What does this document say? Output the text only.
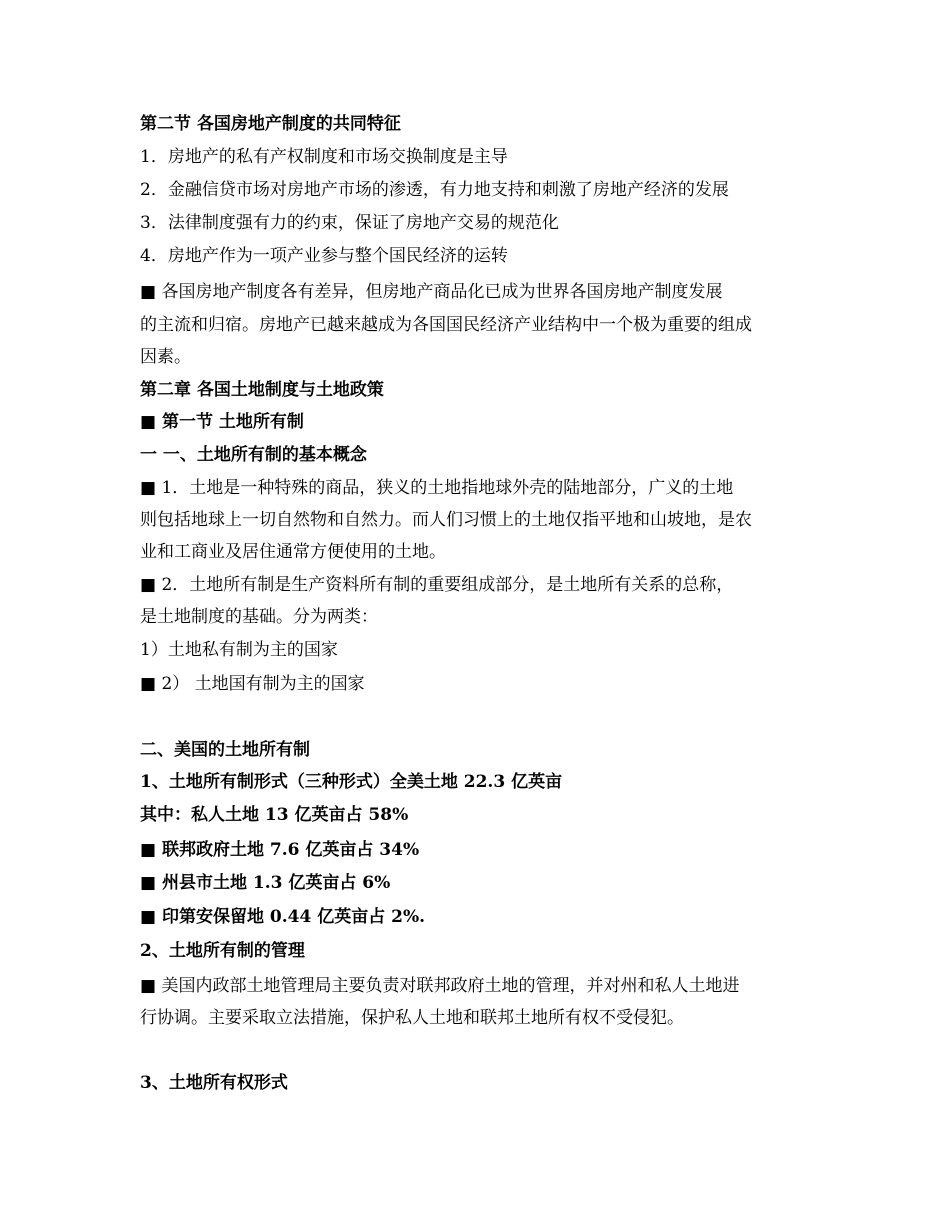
第二节 各国房地产制度的共同特征
1．房地产的私有产权制度和市场交换制度是主导
2．金融信贷市场对房地产市场的渗透，有力地支持和刺激了房地产经济的发展
3．法律制度强有力的约束，保证了房地产交易的规范化
4．房地产作为一项产业参与整个国民经济的运转
■ 各国房地产制度各有差异，但房地产商品化已成为世界各国房地产制度发展
的主流和归宿。房地产已越来越成为各国国民经济产业结构中一个极为重要的组成
因素。
第二章 各国土地制度与土地政策
■ 第一节 土地所有制
一 一、土地所有制的基本概念
■ 1．土地是一种特殊的商品，狭义的土地指地球外壳的陆地部分，广义的土地
则包括地球上一切自然物和自然力。而人们习惯上的土地仅指平地和山坡地，是农
业和工商业及居住通常方便使用的土地。
■ 2．土地所有制是生产资料所有制的重要组成部分，是土地所有关系的总称，
是土地制度的基础。分为两类：
1）土地私有制为主的国家
■ 2） 土地国有制为主的国家
二、美国的土地所有制
1、土地所有制形式（三种形式）全美土地 22.3 亿英亩
其中：私人土地 13 亿英亩占 58%
■ 联邦政府土地 7.6 亿英亩占 34%
■ 州县市土地 1.3 亿英亩占 6%
■ 印第安保留地 0.44 亿英亩占 2%.
2、土地所有制的管理
■ 美国内政部土地管理局主要负责对联邦政府土地的管理，并对州和私人土地进
行协调。主要采取立法措施，保护私人土地和联邦土地所有权不受侵犯。
3、土地所有权形式
